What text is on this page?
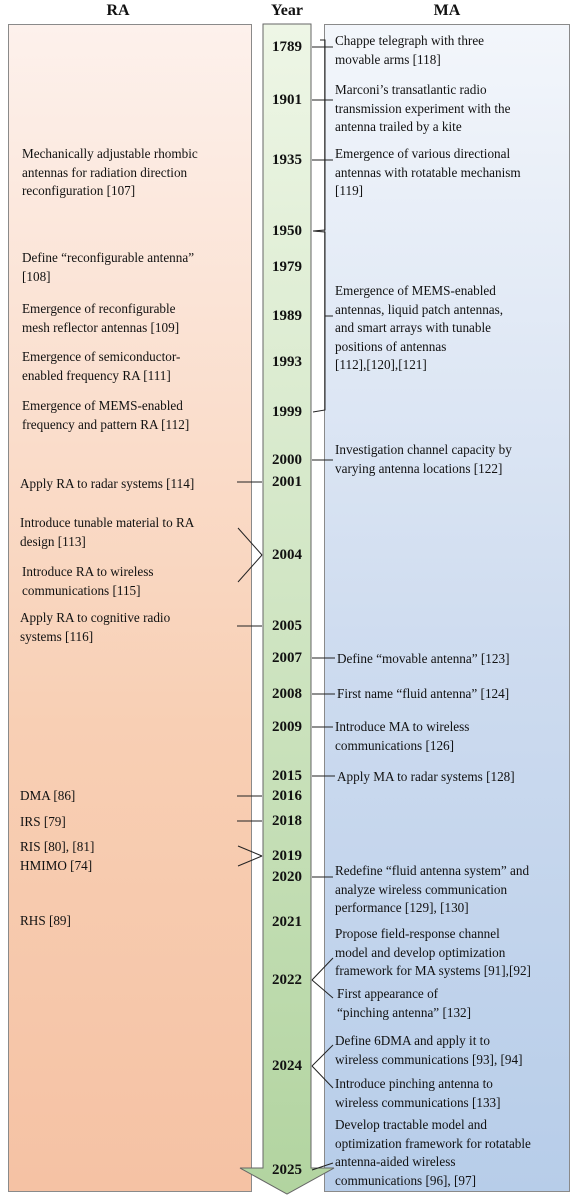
RA	Year	MA
1789
1901
1935
1950
1979
1989
1993
1999
2000
2001
2004
2005
2007
2008
2009
2015
2016
2018
2019
2020
2021
2022
2024
2025
Mechanically adjustable rhombic
antennas for radiation direction
reconfiguration [107]
Define “reconfigurable antenna”
[108]
Emergence of reconfigurable
mesh reflector antennas [109]
Emergence of semiconductor-
enabled frequency RA [111]
Emergence of MEMS-enabled
frequency and pattern RA [112]
Apply RA to radar systems [114]
Introduce tunable material to RA
design [113]
Introduce RA to wireless
communications [115]
Apply RA to cognitive radio
systems [116]
DMA [86]
IRS [79]
RIS [80], [81]
HMIMO [74]
RHS [89]
Chappe telegraph with three
movable arms [118]
Marconi’s transatlantic radio
transmission experiment with the
antenna trailed by a kite
Emergence of various directional
antennas with rotatable mechanism
[119]
Emergence of MEMS-enabled
antennas, liquid patch antennas,
and smart arrays with tunable
positions of antennas
[112],[120],[121]
Investigation channel capacity by
varying antenna locations [122]
Define “movable antenna” [123]
First name “fluid antenna” [124]
Introduce MA to wireless
communications [126]
Apply MA to radar systems [128]
Redefine “fluid antenna system” and
analyze wireless communication
performance [129], [130]
Propose field-response channel
model and develop optimization
framework for MA systems [91],[92]
First appearance of
“pinching antenna” [132]
Define 6DMA and apply it to
wireless communications [93], [94]
Introduce pinching antenna to
wireless communications [133]
Develop tractable model and
optimization framework for rotatable
antenna-aided wireless
communications [96], [97]
